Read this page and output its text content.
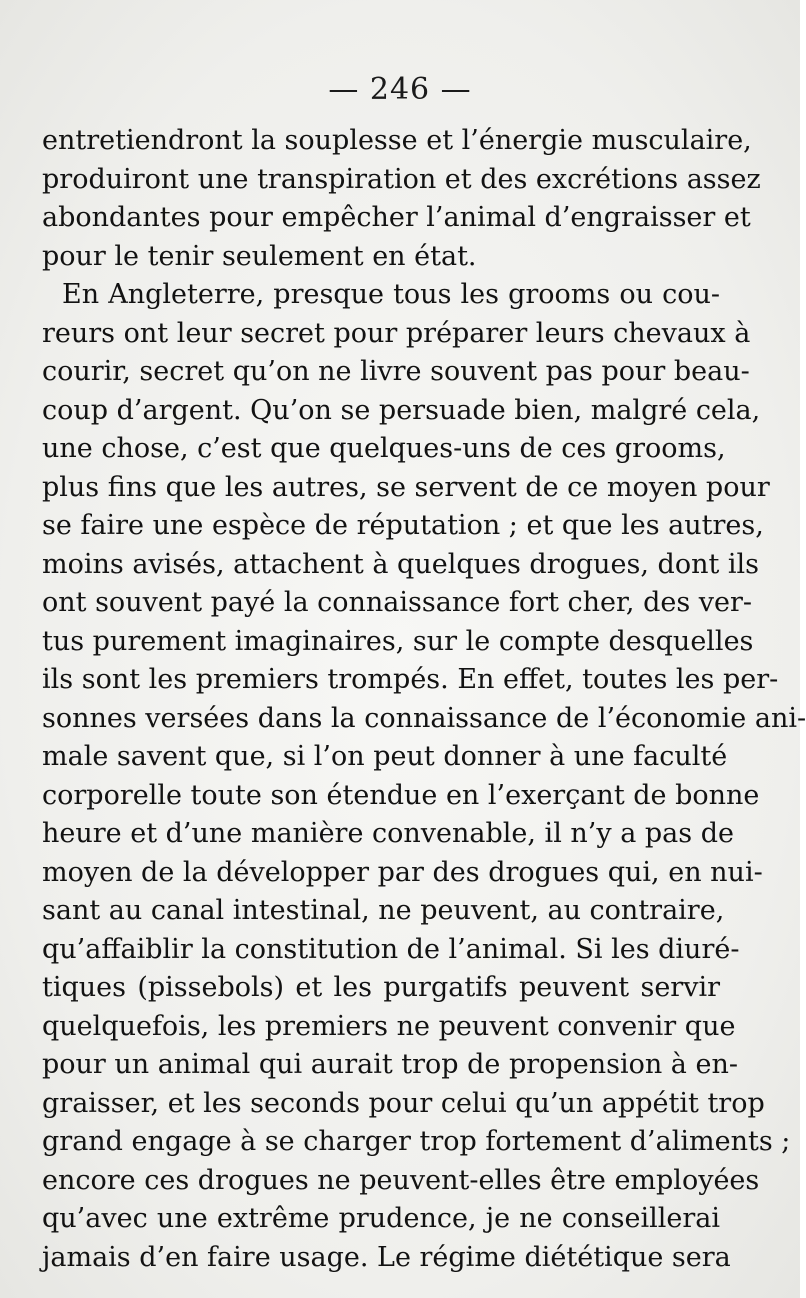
— 246 —
entretiendront la souplesse et l’énergie musculaire,
produiront une transpiration et des excrétions assez
abondantes pour empêcher l’animal d’engraisser et
pour le tenir seulement en état.
En Angleterre, presque tous les grooms ou cou-
reurs ont leur secret pour préparer leurs chevaux à
courir, secret qu’on ne livre souvent pas pour beau-
coup d’argent. Qu’on se persuade bien, malgré cela,
une chose, c’est que quelques-uns de ces grooms,
plus fins que les autres, se servent de ce moyen pour
se faire une espèce de réputation ; et que les autres,
moins avisés, attachent à quelques drogues, dont ils
ont souvent payé la connaissance fort cher, des ver-
tus purement imaginaires, sur le compte desquelles
ils sont les premiers trompés. En effet, toutes les per-
sonnes versées dans la connaissance de l’économie ani-
male savent que, si l’on peut donner à une faculté
corporelle toute son étendue en l’exerçant de bonne
heure et d’une manière convenable, il n’y a pas de
moyen de la développer par des drogues qui, en nui-
sant au canal intestinal, ne peuvent, au contraire,
qu’affaiblir la constitution de l’animal. Si les diuré-
tiques (pissebols) et les purgatifs peuvent servir
quelquefois, les premiers ne peuvent convenir que
pour un animal qui aurait trop de propension à en-
graisser, et les seconds pour celui qu’un appétit trop
grand engage à se charger trop fortement d’aliments ;
encore ces drogues ne peuvent-elles être employées
qu’avec une extrême prudence, je ne conseillerai
jamais d’en faire usage. Le régime diététique sera
